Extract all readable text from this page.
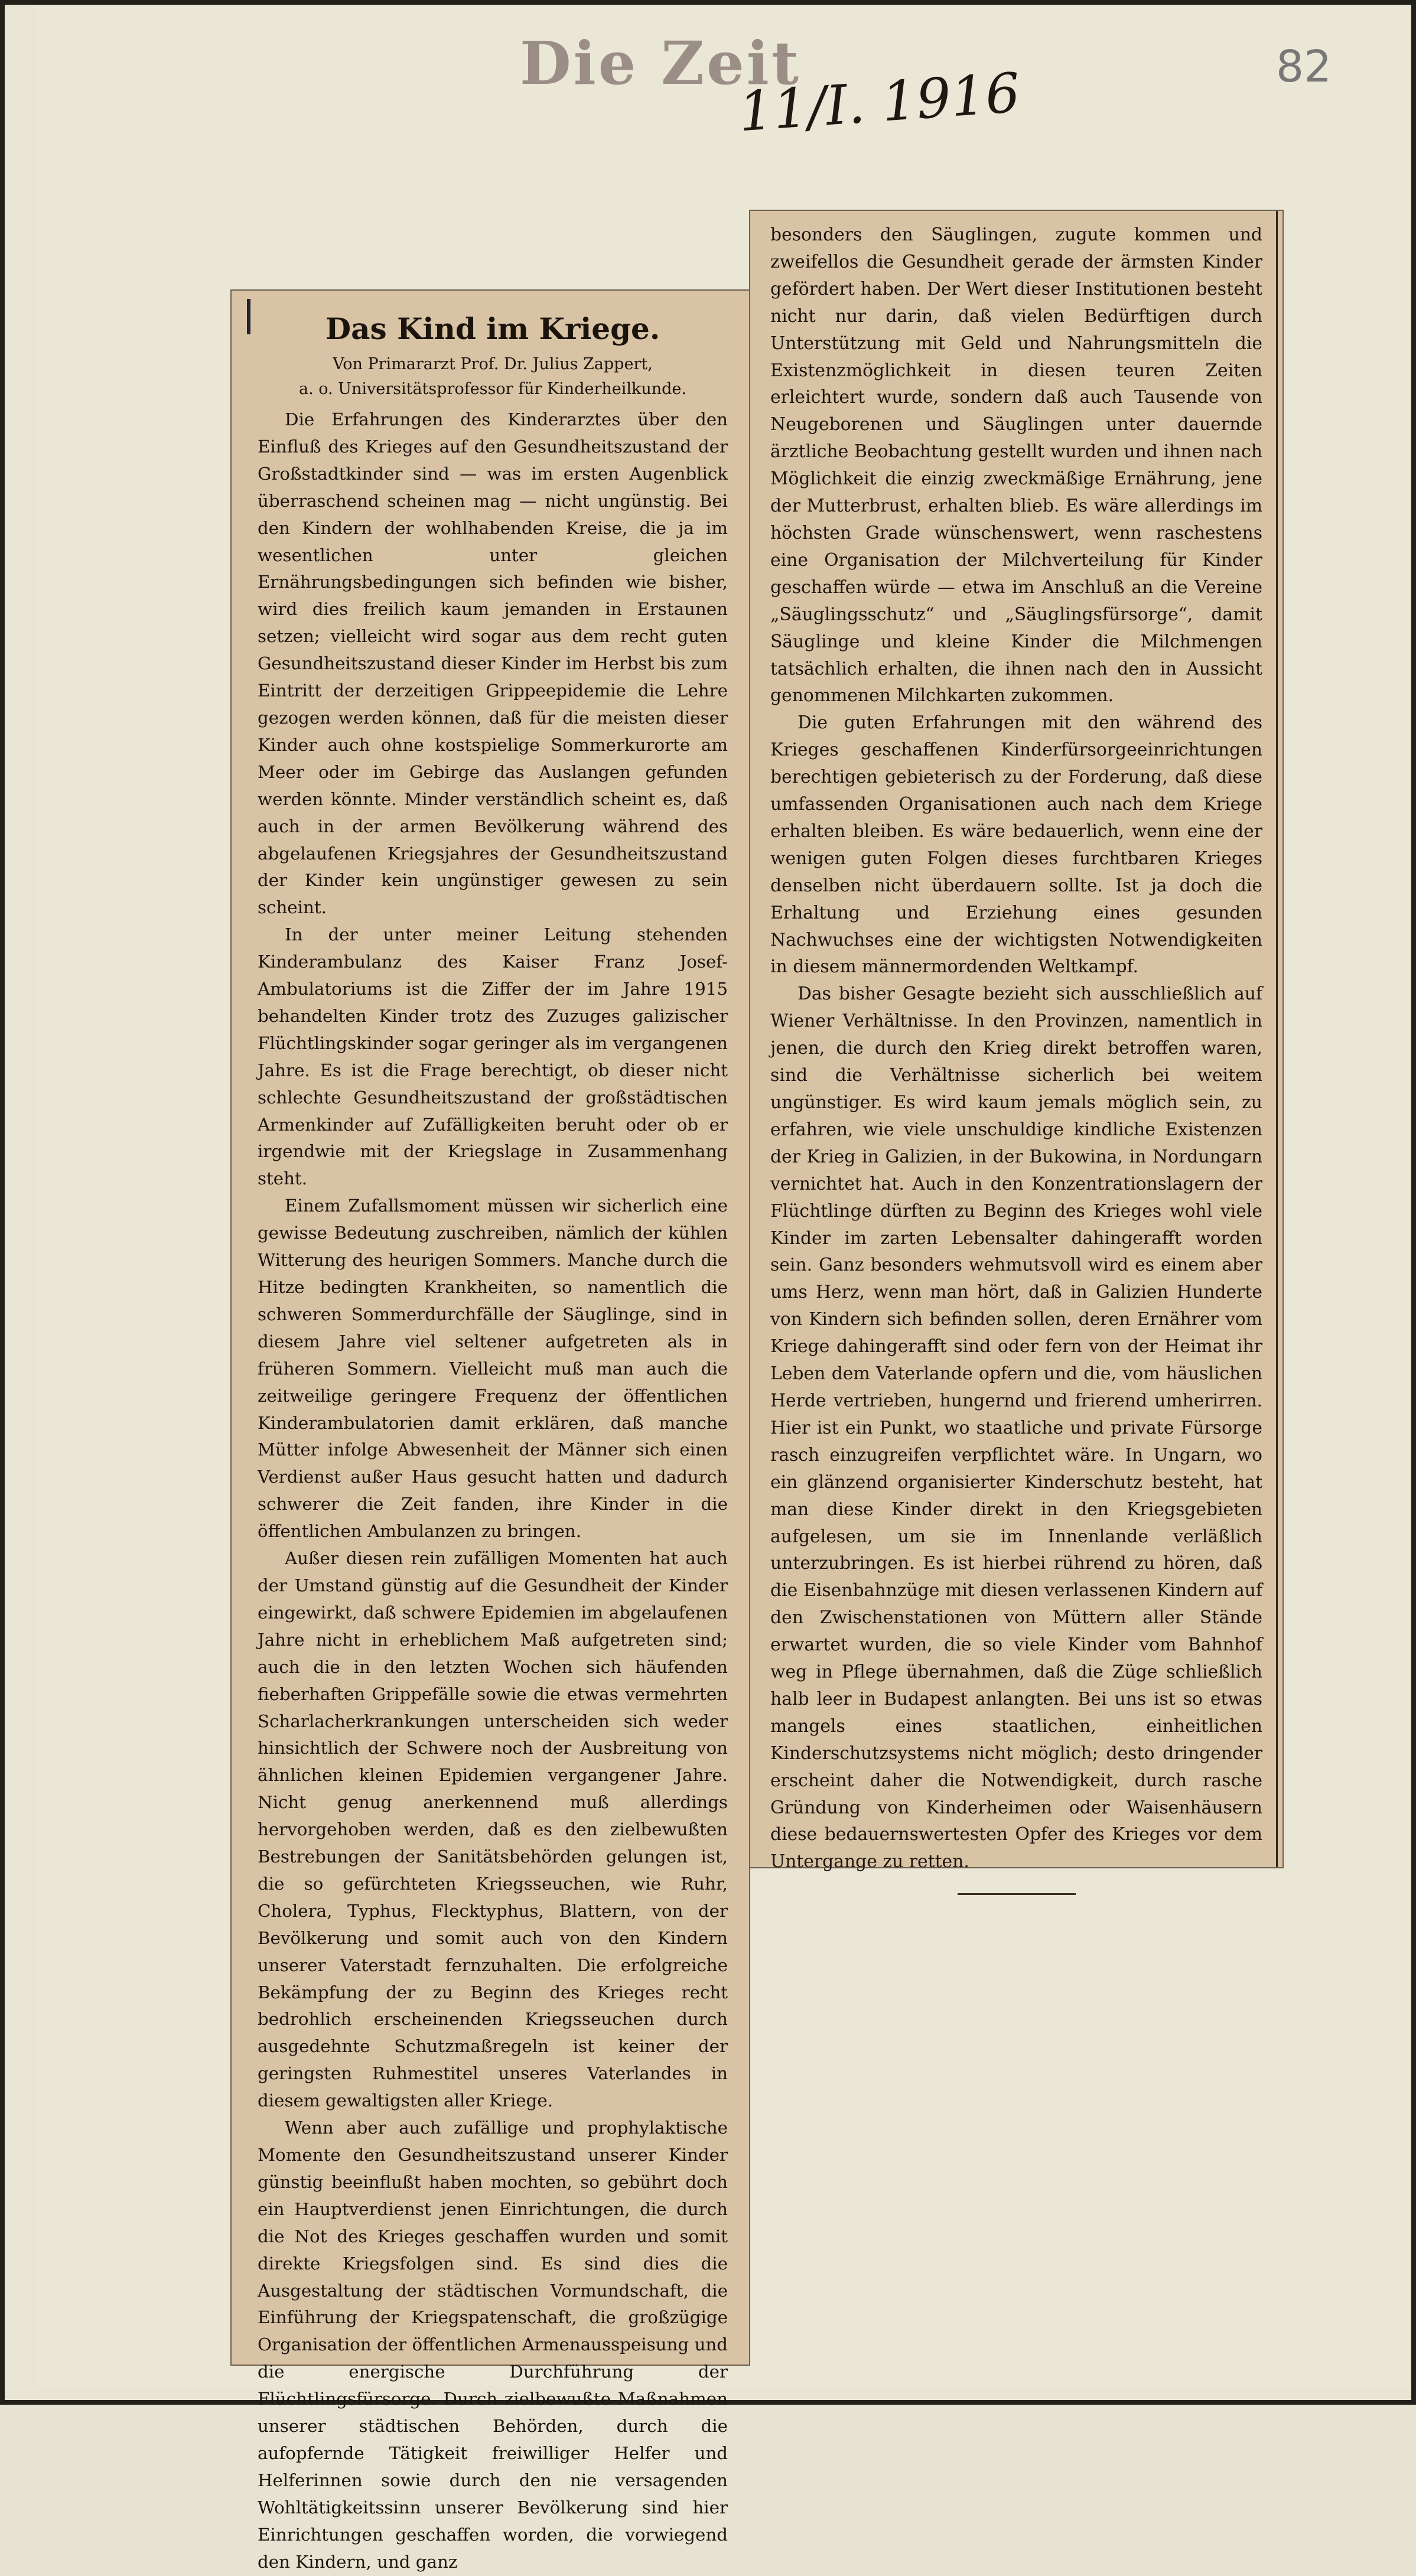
Die Zeit
11/I. 1916	82
Das Kind im Kriege.
Von Primararzt Prof. Dr. Julius Zappert,
a. o. Universitätsprofessor für Kinderheilkunde.

Die Erfahrungen des Kinderarztes über den Einfluß des Krieges auf den Gesundheitszustand der Großstadtkinder sind — was im ersten Augenblick überraschend scheinen mag — nicht ungünstig. Bei den Kindern der wohlhabenden Kreise, die ja im wesentlichen unter gleichen Ernährungsbedingungen sich befinden wie bisher, wird dies freilich kaum jemanden in Erstaunen setzen; vielleicht wird sogar aus dem recht guten Gesundheitszustand dieser Kinder im Herbst bis zum Eintritt der derzeitigen Grippeepidemie die Lehre gezogen werden können, daß für die meisten dieser Kinder auch ohne kostspielige Sommerkurorte am Meer oder im Gebirge das Auslangen gefunden werden könnte. Minder verständlich scheint es, daß auch in der armen Bevölkerung während des abgelaufenen Kriegsjahres der Gesundheitszustand der Kinder kein ungünstiger gewesen zu sein scheint.

In der unter meiner Leitung stehenden Kinderambulanz des Kaiser Franz Josef-Ambulatoriums ist die Ziffer der im Jahre 1915 behandelten Kinder trotz des Zuzuges galizischer Flüchtlingskinder sogar geringer als im vergangenen Jahre. Es ist die Frage berechtigt, ob dieser nicht schlechte Gesundheitszustand der großstädtischen Armenkinder auf Zufälligkeiten beruht oder ob er irgendwie mit der Kriegslage in Zusammenhang steht.

Einem Zufallsmoment müssen wir sicherlich eine gewisse Bedeutung zuschreiben, nämlich der kühlen Witterung des heurigen Sommers. Manche durch die Hitze bedingten Krankheiten, so namentlich die schweren Sommerdurchfälle der Säuglinge, sind in diesem Jahre viel seltener aufgetreten als in früheren Sommern. Vielleicht muß man auch die zeitweilige geringere Frequenz der öffentlichen Kinderambulatorien damit erklären, daß manche Mütter infolge Abwesenheit der Männer sich einen Verdienst außer Haus gesucht hatten und dadurch schwerer die Zeit fanden, ihre Kinder in die öffentlichen Ambulanzen zu bringen.

Außer diesen rein zufälligen Momenten hat auch der Umstand günstig auf die Gesundheit der Kinder eingewirkt, daß schwere Epidemien im abgelaufenen Jahre nicht in erheblichem Maß aufgetreten sind; auch die in den letzten Wochen sich häufenden fieberhaften Grippefälle sowie die etwas vermehrten Scharlacherkrankungen unterscheiden sich weder hinsichtlich der Schwere noch der Ausbreitung von ähnlichen kleinen Epidemien vergangener Jahre. Nicht genug anerkennend muß allerdings hervorgehoben werden, daß es den zielbewußten Bestrebungen der Sanitätsbehörden gelungen ist, die so gefürchteten Kriegsseuchen, wie Ruhr, Cholera, Typhus, Flecktyphus, Blattern, von der Bevölkerung und somit auch von den Kindern unserer Vaterstadt fernzuhalten. Die erfolgreiche Bekämpfung der zu Beginn des Krieges recht bedrohlich erscheinenden Kriegsseuchen durch ausgedehnte Schutzmaßregeln ist keiner der geringsten Ruhmestitel unseres Vaterlandes in diesem gewaltigsten aller Kriege.

Wenn aber auch zufällige und prophylaktische Momente den Gesundheitszustand unserer Kinder günstig beeinflußt haben mochten, so gebührt doch ein Hauptverdienst jenen Einrichtungen, die durch die Not des Krieges geschaffen wurden und somit direkte Kriegsfolgen sind. Es sind dies die Ausgestaltung der städtischen Vormundschaft, die Einführung der Kriegspatenschaft, die großzügige Organisation der öffentlichen Armenausspeisung und die energische Durchführung der Flüchtlingsfürsorge. Durch zielbewußte Maßnahmen unserer städtischen Behörden, durch die aufopfernde Tätigkeit freiwilliger Helfer und Helferinnen sowie durch den nie versagenden Wohltätigkeitssinn unserer Bevölkerung sind hier Einrichtungen geschaffen worden, die vorwiegend den Kindern, und ganz

besonders den Säuglingen, zugute kommen und zweifellos die Gesundheit gerade der ärmsten Kinder gefördert haben. Der Wert dieser Institutionen besteht nicht nur darin, daß vielen Bedürftigen durch Unterstützung mit Geld und Nahrungsmitteln die Existenzmöglichkeit in diesen teuren Zeiten erleichtert wurde, sondern daß auch Tausende von Neugeborenen und Säuglingen unter dauernde ärztliche Beobachtung gestellt wurden und ihnen nach Möglichkeit die einzig zweckmäßige Ernährung, jene der Mutterbrust, erhalten blieb. Es wäre allerdings im höchsten Grade wünschenswert, wenn raschestens eine Organisation der Milchverteilung für Kinder geschaffen würde — etwa im Anschluß an die Vereine „Säuglingsschutz“ und „Säuglingsfürsorge“, damit Säuglinge und kleine Kinder die Milchmengen tatsächlich erhalten, die ihnen nach den in Aussicht genommenen Milchkarten zukommen.

Die guten Erfahrungen mit den während des Krieges geschaffenen Kinderfürsorgeeinrichtungen berechtigen gebieterisch zu der Forderung, daß diese umfassenden Organisationen auch nach dem Kriege erhalten bleiben. Es wäre bedauerlich, wenn eine der wenigen guten Folgen dieses furchtbaren Krieges denselben nicht überdauern sollte. Ist ja doch die Erhaltung und Erziehung eines gesunden Nachwuchses eine der wichtigsten Notwendigkeiten in diesem männermordenden Weltkampf.

Das bisher Gesagte bezieht sich ausschließlich auf Wiener Verhältnisse. In den Provinzen, namentlich in jenen, die durch den Krieg direkt betroffen waren, sind die Verhältnisse sicherlich bei weitem ungünstiger. Es wird kaum jemals möglich sein, zu erfahren, wie viele unschuldige kindliche Existenzen der Krieg in Galizien, in der Bukowina, in Nordungarn vernichtet hat. Auch in den Konzentrationslagern der Flüchtlinge dürften zu Beginn des Krieges wohl viele Kinder im zarten Lebensalter dahingerafft worden sein. Ganz besonders wehmutsvoll wird es einem aber ums Herz, wenn man hört, daß in Galizien Hunderte von Kindern sich befinden sollen, deren Ernährer vom Kriege dahingerafft sind oder fern von der Heimat ihr Leben dem Vaterlande opfern und die, vom häuslichen Herde vertrieben, hungernd und frierend umherirren. Hier ist ein Punkt, wo staatliche und private Fürsorge rasch einzugreifen verpflichtet wäre. In Ungarn, wo ein glänzend organisierter Kinderschutz besteht, hat man diese Kinder direkt in den Kriegsgebieten aufgelesen, um sie im Innenlande verläßlich unterzubringen. Es ist hierbei rührend zu hören, daß die Eisenbahnzüge mit diesen verlassenen Kindern auf den Zwischenstationen von Müttern aller Stände erwartet wurden, die so viele Kinder vom Bahnhof weg in Pflege übernahmen, daß die Züge schließlich halb leer in Budapest anlangten. Bei uns ist so etwas mangels eines staatlichen, einheitlichen Kinderschutzsystems nicht möglich; desto dringender erscheint daher die Notwendigkeit, durch rasche Gründung von Kinderheimen oder Waisenhäusern diese bedauernswertesten Opfer des Krieges vor dem Untergange zu retten.
